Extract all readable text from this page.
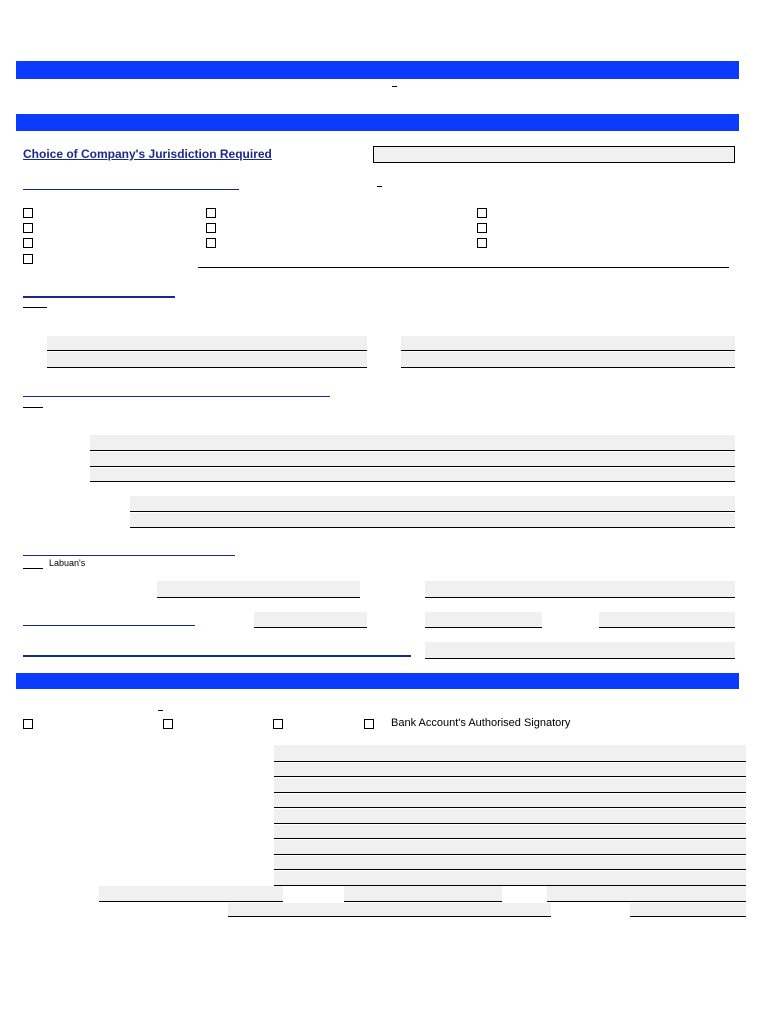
Choice of Company's Jurisdiction Required
Labuan's
Bank Account's Authorised Signatory
